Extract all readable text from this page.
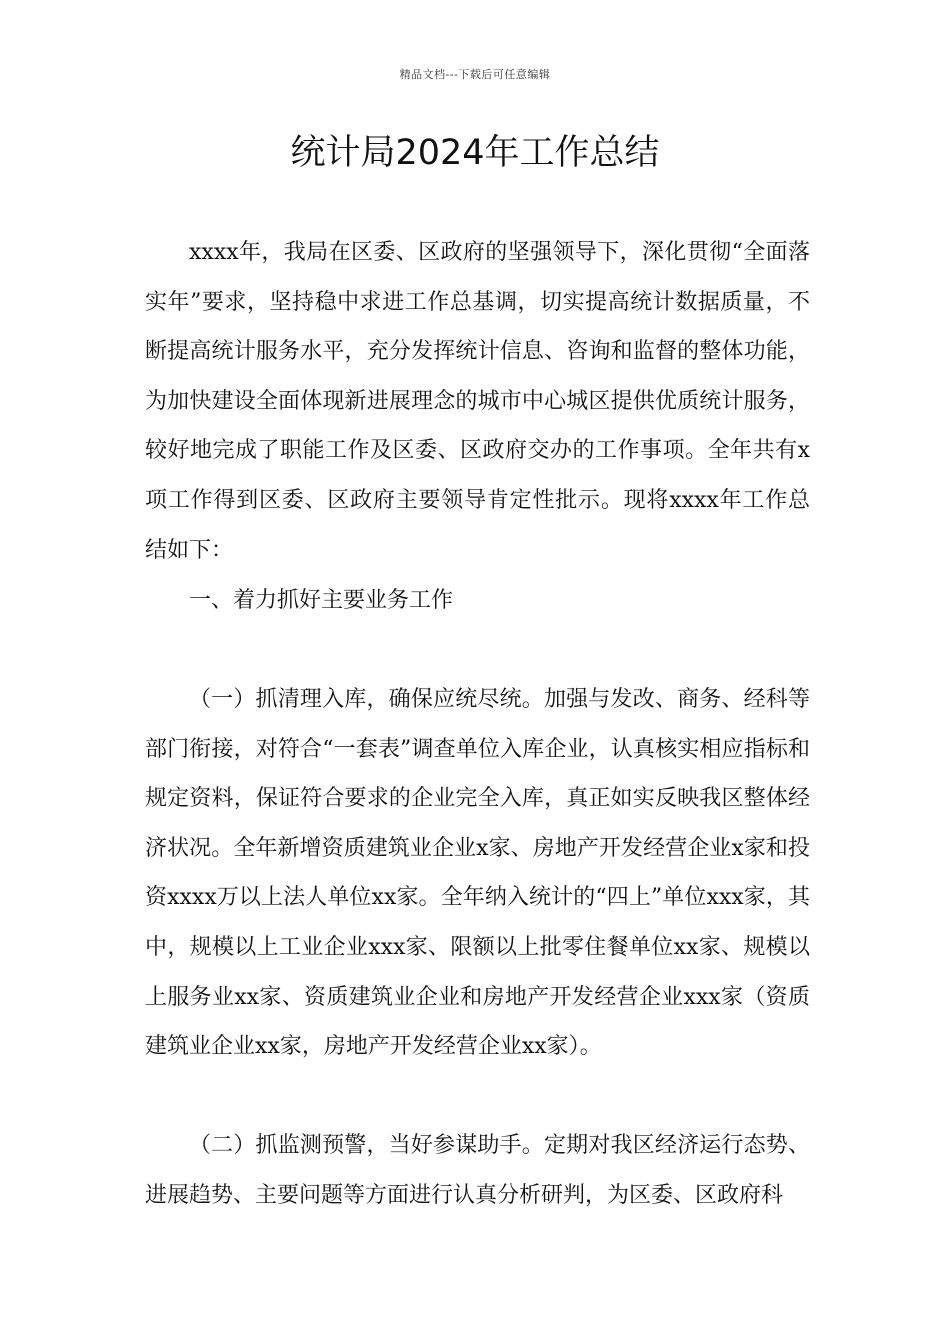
精品文档---下载后可任意编辑
统计局2024年工作总结

xxxx年，我局在区委、区政府的坚强领导下，深化贯彻“全面落实年”要求，坚持稳中求进工作总基调，切实提高统计数据质量，不断提高统计服务水平，充分发挥统计信息、咨询和监督的整体功能，为加快建设全面体现新进展理念的城市中心城区提供优质统计服务，较好地完成了职能工作及区委、区政府交办的工作事项。全年共有x项工作得到区委、区政府主要领导肯定性批示。现将xxxx年工作总结如下：

一、着力抓好主要业务工作

（一）抓清理入库，确保应统尽统。加强与发改、商务、经科等部门衔接，对符合“一套表”调查单位入库企业，认真核实相应指标和规定资料，保证符合要求的企业完全入库，真正如实反映我区整体经济状况。全年新增资质建筑业企业x家、房地产开发经营企业x家和投资xxxx万以上法人单位xx家。全年纳入统计的“四上”单位xxx家，其中，规模以上工业企业xxx家、限额以上批零住餐单位xx家、规模以上服务业xx家、资质建筑业企业和房地产开发经营企业xxx家（资质建筑业企业xx家，房地产开发经营企业xx家）。

（二）抓监测预警，当好参谋助手。定期对我区经济运行态势、进展趋势、主要问题等方面进行认真分析研判，为区委、区政府科
